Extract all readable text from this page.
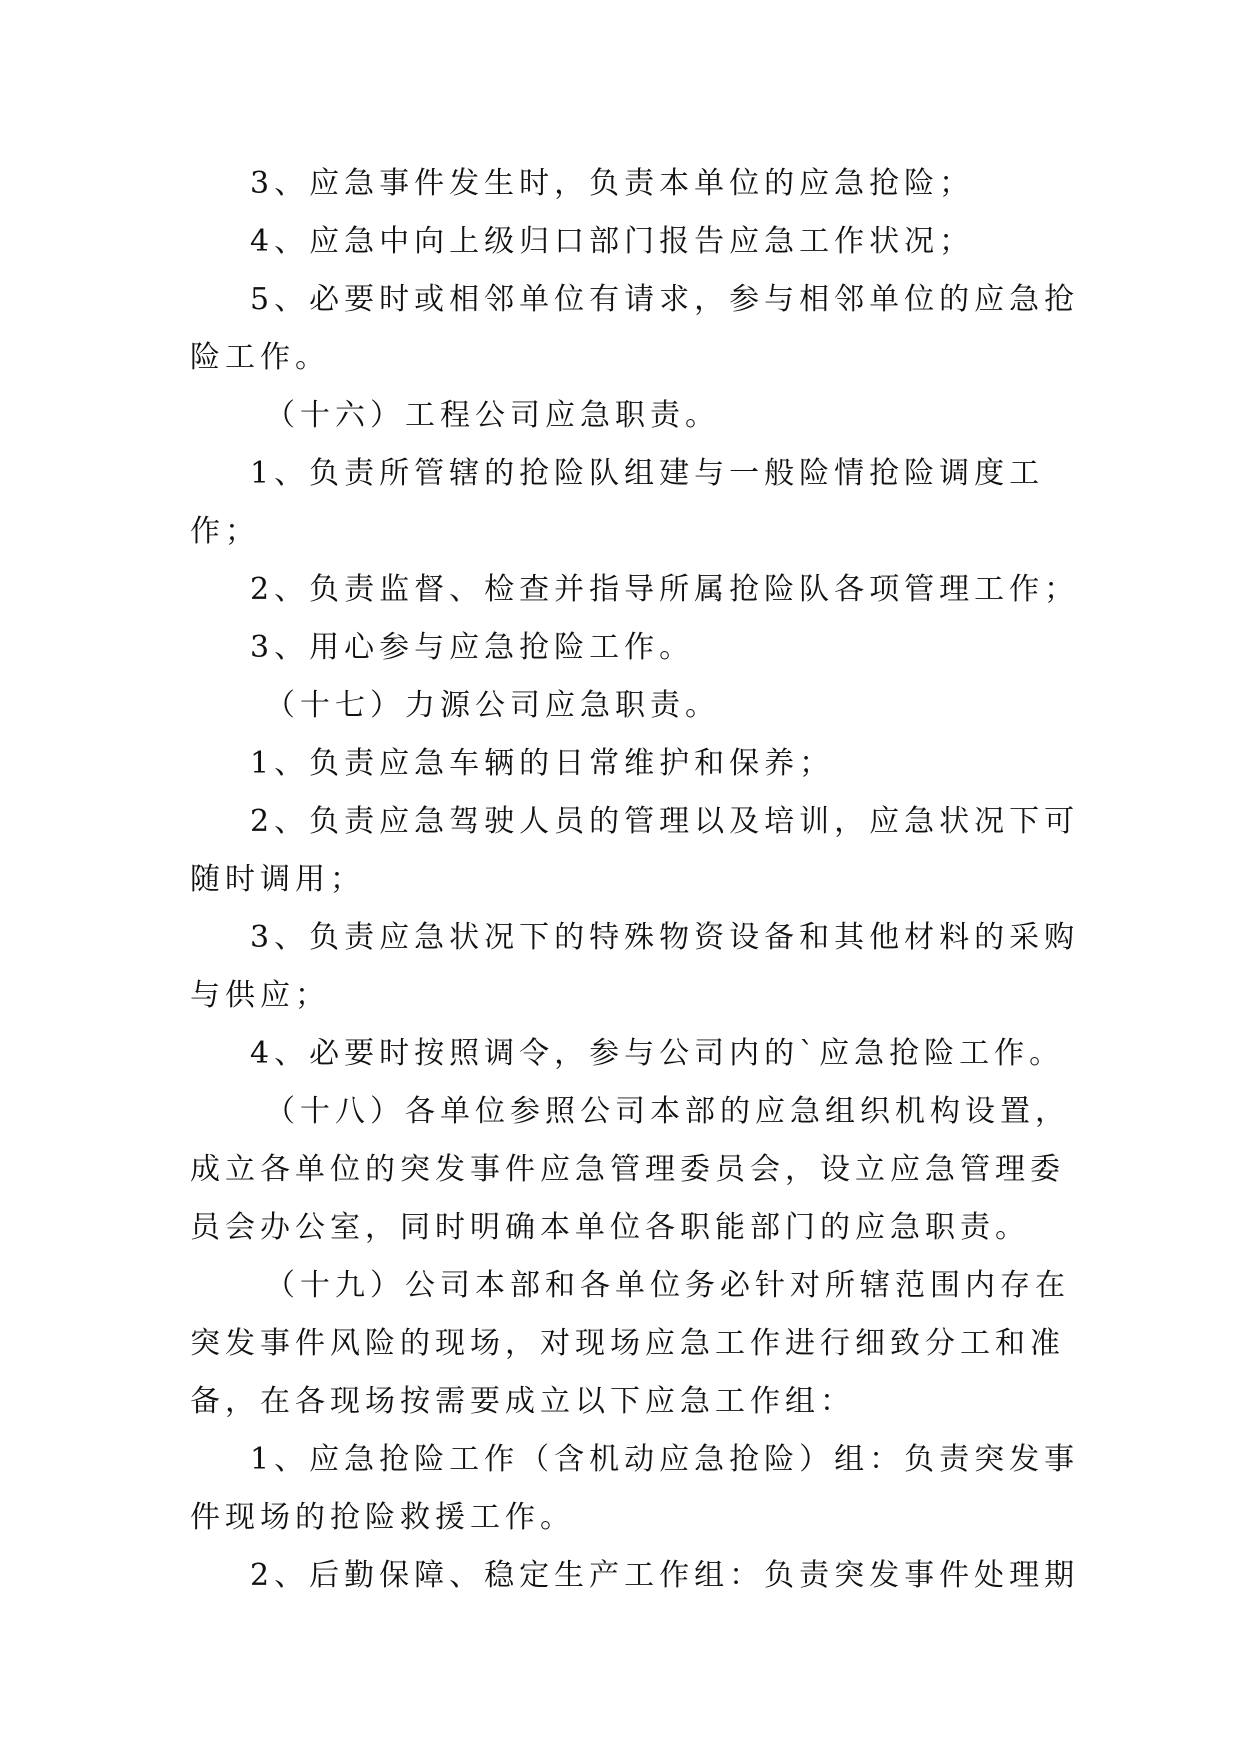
3、应急事件发生时，负责本单位的应急抢险；

4、应急中向上级归口部门报告应急工作状况；

5、必要时或相邻单位有请求，参与相邻单位的应急抢险工作。

（十六）工程公司应急职责。

1、负责所管辖的抢险队组建与一般险情抢险调度工作；

2、负责监督、检查并指导所属抢险队各项管理工作；

3、用心参与应急抢险工作。

（十七）力源公司应急职责。

1、负责应急车辆的日常维护和保养；

2、负责应急驾驶人员的管理以及培训，应急状况下可随时调用；

3、负责应急状况下的特殊物资设备和其他材料的采购与供应；

4、必要时按照调令，参与公司内的`应急抢险工作。

（十八）各单位参照公司本部的应急组织机构设置，成立各单位的突发事件应急管理委员会，设立应急管理委员会办公室，同时明确本单位各职能部门的应急职责。

（十九）公司本部和各单位务必针对所辖范围内存在突发事件风险的现场，对现场应急工作进行细致分工和准备，在各现场按需要成立以下应急工作组：

1、应急抢险工作（含机动应急抢险）组：负责突发事件现场的抢险救援工作。

2、后勤保障、稳定生产工作组：负责突发事件处理期
